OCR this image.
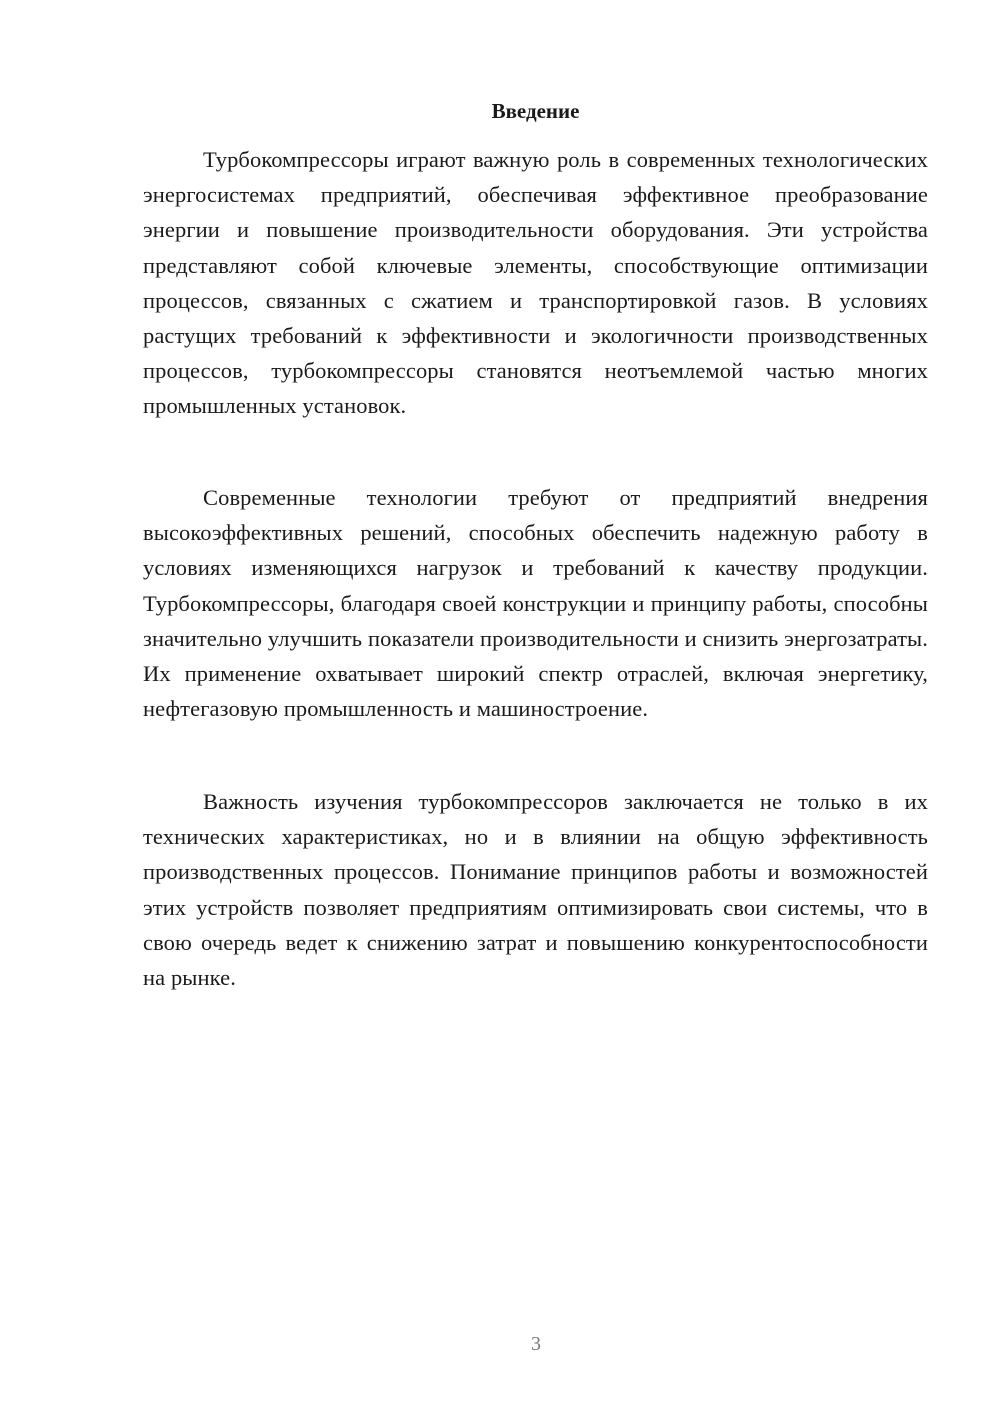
Введение

Турбокомпрессоры играют важную роль в современных технологических энергосистемах предприятий, обеспечивая эффективное преобразование энергии и повышение производительности оборудования. Эти устройства представляют собой ключевые элементы, способствующие оптимизации процессов, связанных с сжатием и транспортировкой газов. В условиях растущих требований к эффективности и экологичности производственных процессов, турбокомпрессоры становятся неотъемлемой частью многих промышленных установок.

Современные технологии требуют от предприятий внедрения высокоэффективных решений, способных обеспечить надежную работу в условиях изменяющихся нагрузок и требований к качеству продукции. Турбокомпрессоры, благодаря своей конструкции и принципу работы, способны значительно улучшить показатели производительности и снизить энергозатраты. Их применение охватывает широкий спектр отраслей, включая энергетику, нефтегазовую промышленность и машиностроение.

Важность изучения турбокомпрессоров заключается не только в их технических характеристиках, но и в влиянии на общую эффективность производственных процессов. Понимание принципов работы и возможностей этих устройств позволяет предприятиям оптимизировать свои системы, что в свою очередь ведет к снижению затрат и повышению конкурентоспособности на рынке.

3
